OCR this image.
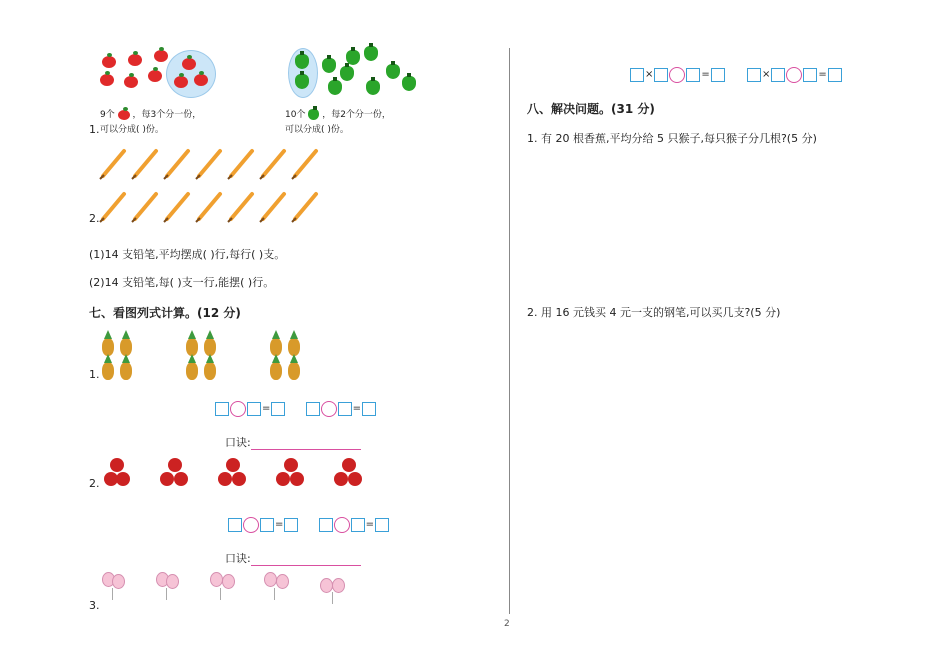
9个 ，每3个分一份，
可以分成( )份。
1.
10个 ，每2个分一份，
可以分成( )份。
2.
(1)14 支铅笔,平均摆成( )行,每行( )支。
(2)14 支铅笔,每( )支一行,能摆( )行。
七、看图列式计算。(12 分)
1.
=	=
口诀:
2.
=	=
口诀:
3.
×	=	×	=
八、解决问题。(31 分)
1. 有 20 根香蕉,平均分给 5 只猴子,每只猴子分几根?(5 分)
2. 用 16 元钱买 4 元一支的钢笔,可以买几支?(5 分)
2
